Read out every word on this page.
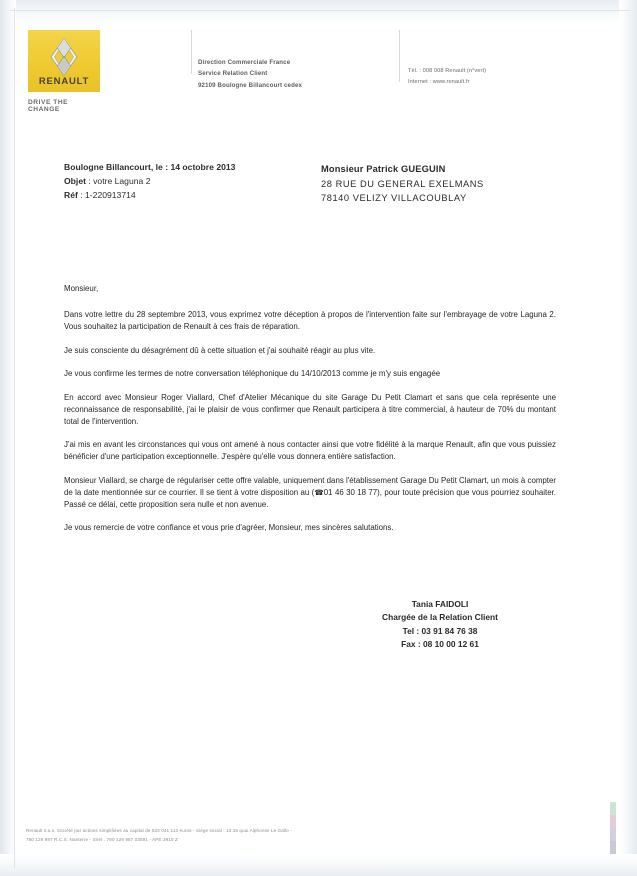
RENAULT
DRIVE THE CHANGE
Direction Commerciale France
Service Relation Client
92109 Boulogne Billancourt cedex
Tél. : 008 008 Renault (n°vert)
Internet : www.renault.fr
Boulogne Billancourt, le : 14 octobre 2013
Objet : votre Laguna 2
Réf : 1-220913714
Monsieur Patrick GUEGUIN
28 RUE DU GENERAL EXELMANS
78140 VELIZY VILLACOUBLAY

Monsieur,

Dans votre lettre du 28 septembre 2013, vous exprimez votre déception à propos de l'intervention faite sur l'embrayage de votre Laguna 2. Vous souhaitez la participation de Renault à ces frais de réparation.

Je suis consciente du désagrément dû à cette situation et j'ai souhaité réagir au plus vite.

Je vous confirme les termes de notre conversation téléphonique du 14/10/2013 comme je m'y suis engagée

En accord avec Monsieur Roger Viallard, Chef d'Atelier Mécanique du site Garage Du Petit Clamart et sans que cela représente une reconnaissance de responsabilité, j'ai le plaisir de vous confirmer que Renault participera à titre commercial, à hauteur de 70% du montant total de l'intervention.

J'ai mis en avant les circonstances qui vous ont amené à nous contacter ainsi que votre fidélité à la marque Renault, afin que vous puissiez bénéficier d'une participation exceptionnelle. J'espère qu'elle vous donnera entière satisfaction.

Monsieur Viallard, se charge de régulariser cette offre valable, uniquement dans l'établissement Garage Du Petit Clamart, un mois à compter de la date mentionnée sur ce courrier. Il se tient à votre disposition au (☎01 46 30 18 77), pour toute précision que vous pourriez souhaiter. Passé ce délai, cette proposition sera nulle et non avenue.

Je vous remercie de votre confiance et vous prie d'agréer, Monsieur, mes sincères salutations.

Tania FAIDOLI
Chargée de la Relation Client
Tel : 03 91 84 76 38
Fax : 08 10 00 12 61
Renault s.a.s. Société par actions simplifiées au capital de 533 041 113 euros - Siège social : 13 15 quai Alphonse Le Gallo -
780 129 987 R.C.S. Nanterre - Siret . 780 129 987 03591 - APE 2910 Z
